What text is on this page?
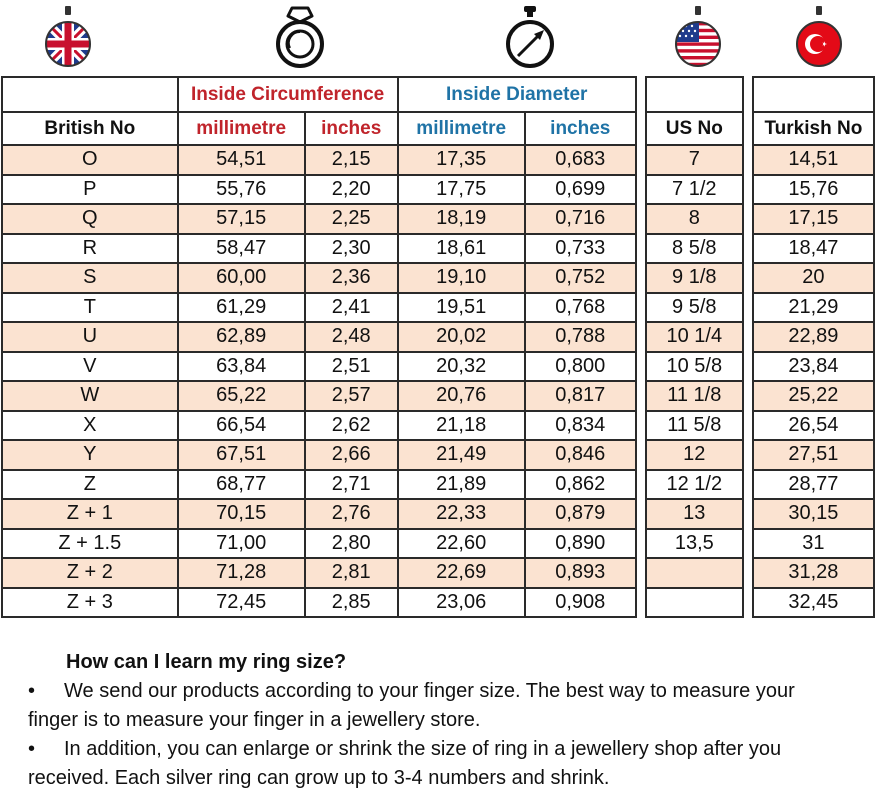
	Inside Circumference		Inside Diameter					
British No	millimetre	inches	millimetre	inches		US No		Turkish No
O	54,51	2,15	17,35	0,683		7		14,51
P	55,76	2,20	17,75	0,699		7 1/2		15,76
Q	57,15	2,25	18,19	0,716		8		17,15
R	58,47	2,30	18,61	0,733		8 5/8		18,47
S	60,00	2,36	19,10	0,752		9 1/8		20
T	61,29	2,41	19,51	0,768		9 5/8		21,29
U	62,89	2,48	20,02	0,788		10 1/4		22,89
V	63,84	2,51	20,32	0,800		10 5/8		23,84
W	65,22	2,57	20,76	0,817		11 1/8		25,22
X	66,54	2,62	21,18	0,834		11 5/8		26,54
Y	67,51	2,66	21,49	0,846		12		27,51
Z	68,77	2,71	21,89	0,862		12 1/2		28,77
Z + 1	70,15	2,76	22,33	0,879		13		30,15
Z + 1.5	71,00	2,80	22,60	0,890		13,5		31
Z + 2	71,28	2,81	22,69	0,893				31,28
Z + 3	72,45	2,85	23,06	0,908				32,45
How can I learn my ring size?
• We send our products according to your finger size. The best way to measure your
finger is to measure your finger in a jewellery store.
• In addition, you can enlarge or shrink the size of ring in a jewellery shop after you
received. Each silver ring can grow up to 3-4 numbers and shrink.
